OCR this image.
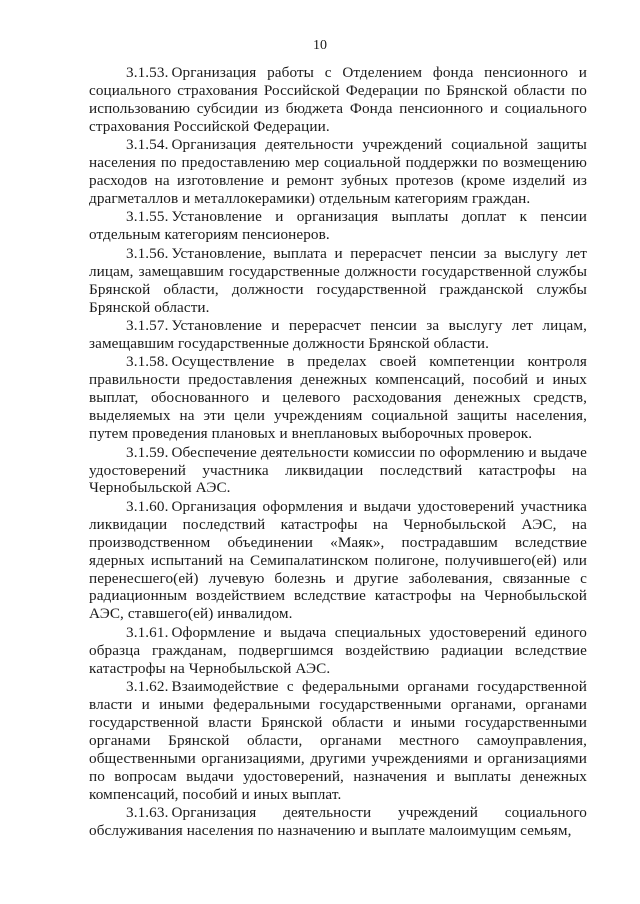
10

3.1.53. Организация работы с Отделением фонда пенсионного и социального страхования Российской Федерации по Брянской области по использованию субсидии из бюджета Фонда пенсионного и социального страхования Российской Федерации.

3.1.54. Организация деятельности учреждений социальной защиты населения по предоставлению мер социальной поддержки по возмещению расходов на изготовление и ремонт зубных протезов (кроме изделий из драгметаллов и металлокерамики) отдельным категориям граждан.

3.1.55. Установление и организация выплаты доплат к пенсии отдельным категориям пенсионеров.

3.1.56. Установление, выплата и перерасчет пенсии за выслугу лет лицам, замещавшим государственные должности государственной службы Брянской области, должности государственной гражданской службы Брянской области.

3.1.57. Установление и перерасчет пенсии за выслугу лет лицам, замещавшим государственные должности Брянской области.

3.1.58. Осуществление в пределах своей компетенции контроля правильности предоставления денежных компенсаций, пособий и иных выплат, обоснованного и целевого расходования денежных средств, выделяемых на эти цели учреждениям социальной защиты населения, путем проведения плановых и внеплановых выборочных проверок.

3.1.59. Обеспечение деятельности комиссии по оформлению и выдаче удостоверений участника ликвидации последствий катастрофы на Чернобыльской АЭС.

3.1.60. Организация оформления и выдачи удостоверений участника ликвидации последствий катастрофы на Чернобыльской АЭС, на производственном объединении «Маяк», пострадавшим вследствие ядерных испытаний на Семипалатинском полигоне, получившего(ей) или перенесшего(ей) лучевую болезнь и другие заболевания, связанные с радиационным воздействием вследствие катастрофы на Чернобыльской АЭС, ставшего(ей) инвалидом.

3.1.61. Оформление и выдача специальных удостоверений единого образца гражданам, подвергшимся воздействию радиации вследствие катастрофы на Чернобыльской АЭС.

3.1.62. Взаимодействие с федеральными органами государственной власти и иными федеральными государственными органами, органами государственной власти Брянской области и иными государственными органами Брянской области, органами местного самоуправления, общественными организациями, другими учреждениями и организациями по вопросам выдачи удостоверений, назначения и выплаты денежных компенсаций, пособий и иных выплат.

3.1.63. Организация деятельности учреждений социального обслуживания населения по назначению и выплате малоимущим семьям,
